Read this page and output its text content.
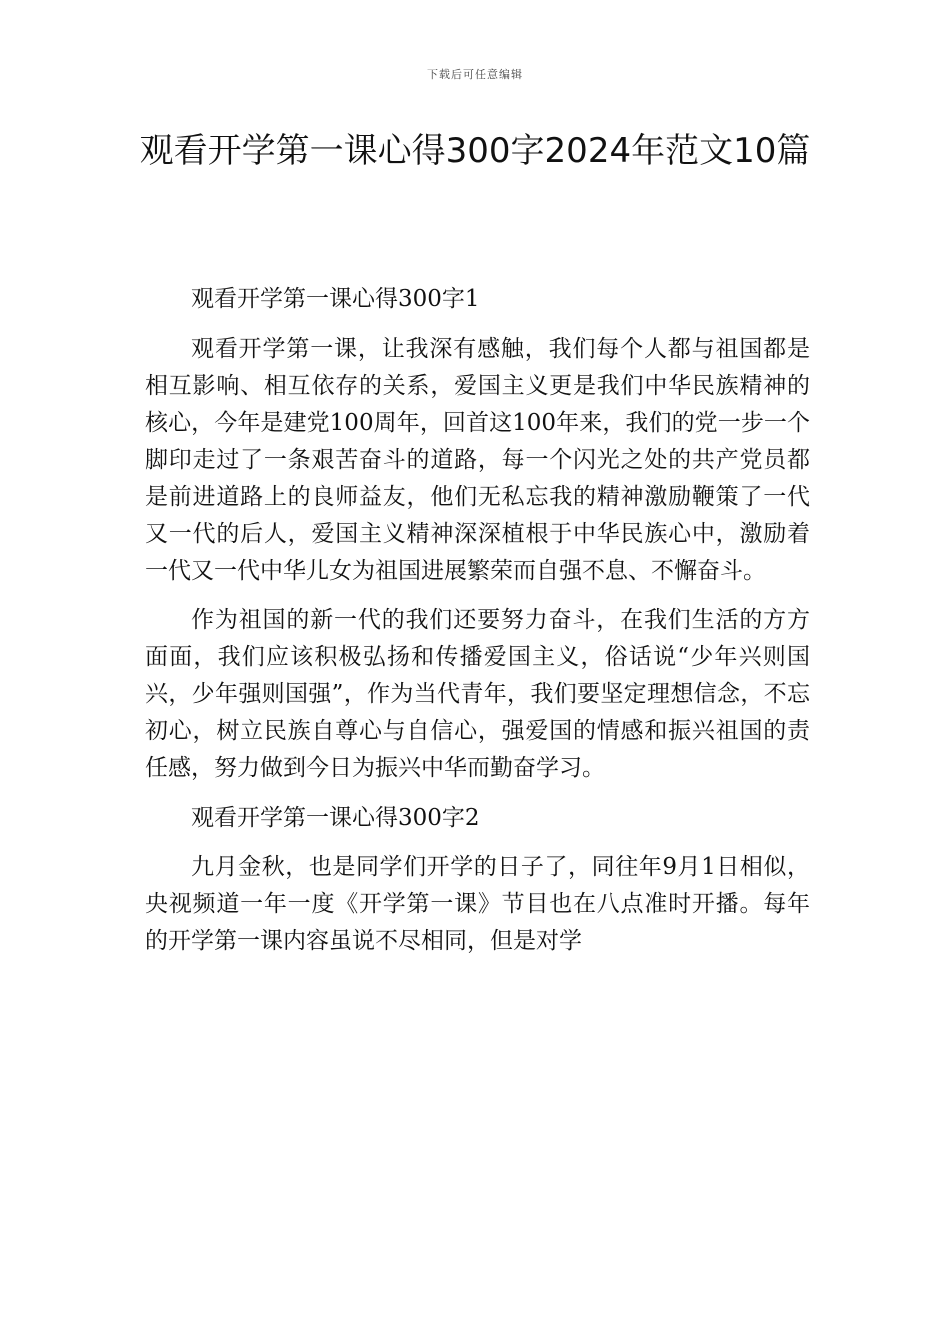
下载后可任意编辑
观看开学第一课心得300字2024年范文10篇

观看开学第一课心得300字1

观看开学第一课，让我深有感触，我们每个人都与祖国都是相互影响、相互依存的关系，爱国主义更是我们中华民族精神的核心，今年是建党100周年，回首这100年来，我们的党一步一个脚印走过了一条艰苦奋斗的道路，每一个闪光之处的共产党员都是前进道路上的良师益友，他们无私忘我的精神激励鞭策了一代又一代的后人，爱国主义精神深深植根于中华民族心中，激励着一代又一代中华儿女为祖国进展繁荣而自强不息、不懈奋斗。

作为祖国的新一代的我们还要努力奋斗，在我们生活的方方面面，我们应该积极弘扬和传播爱国主义，俗话说“少年兴则国兴，少年强则国强”，作为当代青年，我们要坚定理想信念，不忘初心，树立民族自尊心与自信心，强爱国的情感和振兴祖国的责任感，努力做到今日为振兴中华而勤奋学习。

观看开学第一课心得300字2

九月金秋，也是同学们开学的日子了，同往年9月1日相似，央视频道一年一度《开学第一课》节目也在八点准时开播。每年的开学第一课内容虽说不尽相同，但是对学
